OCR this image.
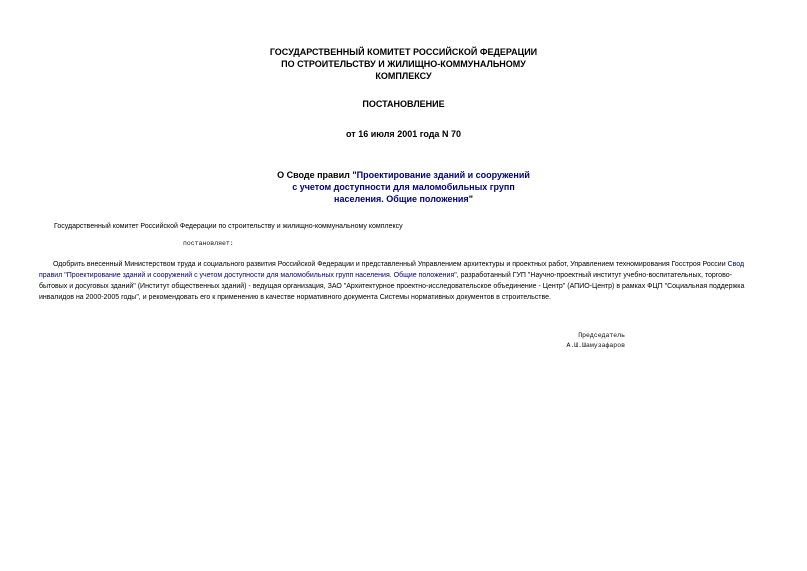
ГОСУДАРСТВЕННЫЙ КОМИТЕТ РОССИЙСКОЙ ФЕДЕРАЦИИ
ПО СТРОИТЕЛЬСТВУ И ЖИЛИЩНО-КОММУНАЛЬНОМУ
КОМПЛЕКСУ
ПОСТАНОВЛЕНИЕ
от 16 июля 2001 года N 70
О Своде правил "Проектирование зданий и сооружений
с учетом доступности для маломобильных групп
населения. Общие положения"
Государственный комитет Российской Федерации по строительству и жилищно-коммунальному комплексу
постановляет:
Одобрить внесенный Министерством труда и социального развития Российской Федерации и представленный Управлением архитектуры и проектных работ, Управлением техномирования Госстроя России Свод
правил "Проектирование зданий и сооружений с учетом доступности для маломобильных групп населения. Общие положения", разработанный ГУП "Научно-проектный институт учебно-воспитательных, торгово-
бытовых и досуговых зданий" (Институт общественных зданий) - ведущая организация, ЗАО "Архитектурное проектно-исследовательское объединение - Центр" (АПИО-Центр) в рамках ФЦП "Социальная поддержка
инвалидов на 2000-2005 годы", и рекомендовать его к применению в качестве нормативного документа Системы нормативных документов в строительстве.
Председатель
А.Ш.Шамузафаров
